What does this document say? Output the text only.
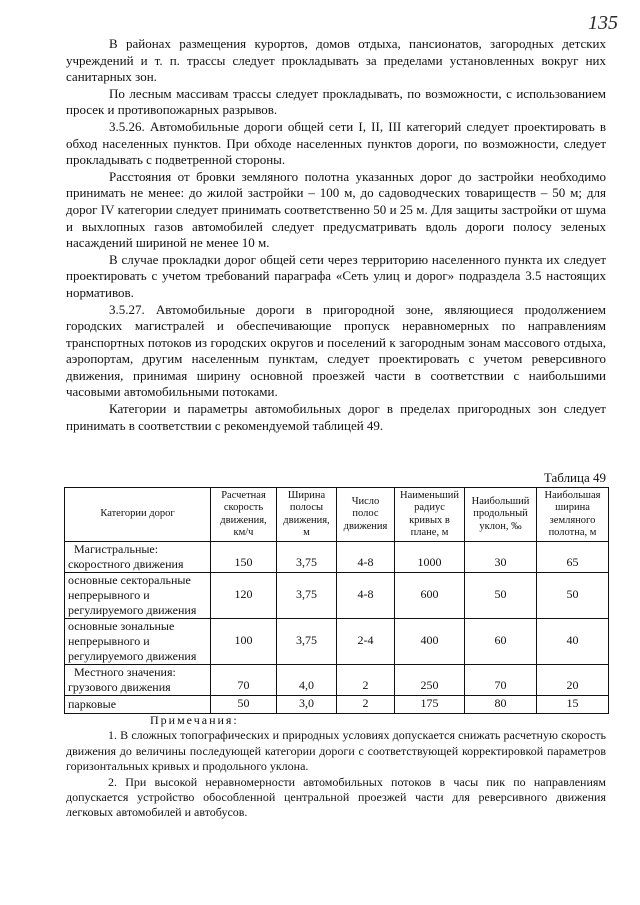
135

В районах размещения курортов, домов отдыха, пансионатов, загородных детских учреждений и т. п. трассы следует прокладывать за пределами установленных вокруг них санитарных зон.

По лесным массивам трассы следует прокладывать, по возможности, с использованием просек и противопожарных разрывов.

3.5.26. Автомобильные дороги общей сети I, II, III категорий следует проектировать в обход населенных пунктов. При обходе населенных пунктов дороги, по возможности, следует прокладывать с подветренной стороны.

Расстояния от бровки земляного полотна указанных дорог до застройки необходимо принимать не менее: до жилой застройки – 100 м, до садоводческих товариществ – 50 м; для дорог IV категории следует принимать соответственно 50 и 25 м. Для защиты застройки от шума и выхлопных газов автомобилей следует предусматривать вдоль дороги полосу зеленых насаждений шириной не менее 10 м.

В случае прокладки дорог общей сети через территорию населенного пункта их следует проектировать с учетом требований параграфа «Сеть улиц и дорог» подраздела 3.5 настоящих нормативов.

3.5.27. Автомобильные дороги в пригородной зоне, являющиеся продолжением городских магистралей и обеспечивающие пропуск неравномерных по направлениям транспортных потоков из городских округов и поселений к загородным зонам массового отдыха, аэропортам, другим населенным пунктам, следует проектировать с учетом реверсивного движения, принимая ширину основной проезжей части в соответствии с наибольшими часовыми автомобильными потоками.

Категории и параметры автомобильных дорог в пределах пригородных зон следует принимать в соответствии с рекомендуемой таблицей 49.

Таблица 49
Категории дорог	Расчетная скорость движения, км/ч	Ширина полосы движения, м	Число полос движения	Наименьший радиус кривых в плане, м	Наибольший продольный уклон, ‰	Наибольшая ширина земляного полотна, м

Магистральные:
скоростного движения	150	3,75	4-8	1000	30	65

основные секторальные
непрерывного и
регулируемого движения	120	3,75	4-8	600	50	50

основные зональные
непрерывного и
регулируемого движения	100	3,75	2-4	400	60	40

Местного значения:
грузового движения	70	4,0	2	250	70	20

парковые	50	3,0	2	175	80	15

Примечания:

1. В сложных топографических и природных условиях допускается снижать расчетную скорость движения до величины последующей категории дороги с соответствующей корректировкой параметров горизонтальных кривых и продольного уклона.

2. При высокой неравномерности автомобильных потоков в часы пик по направлениям допускается устройство обособленной центральной проезжей части для реверсивного движения легковых автомобилей и автобусов.
